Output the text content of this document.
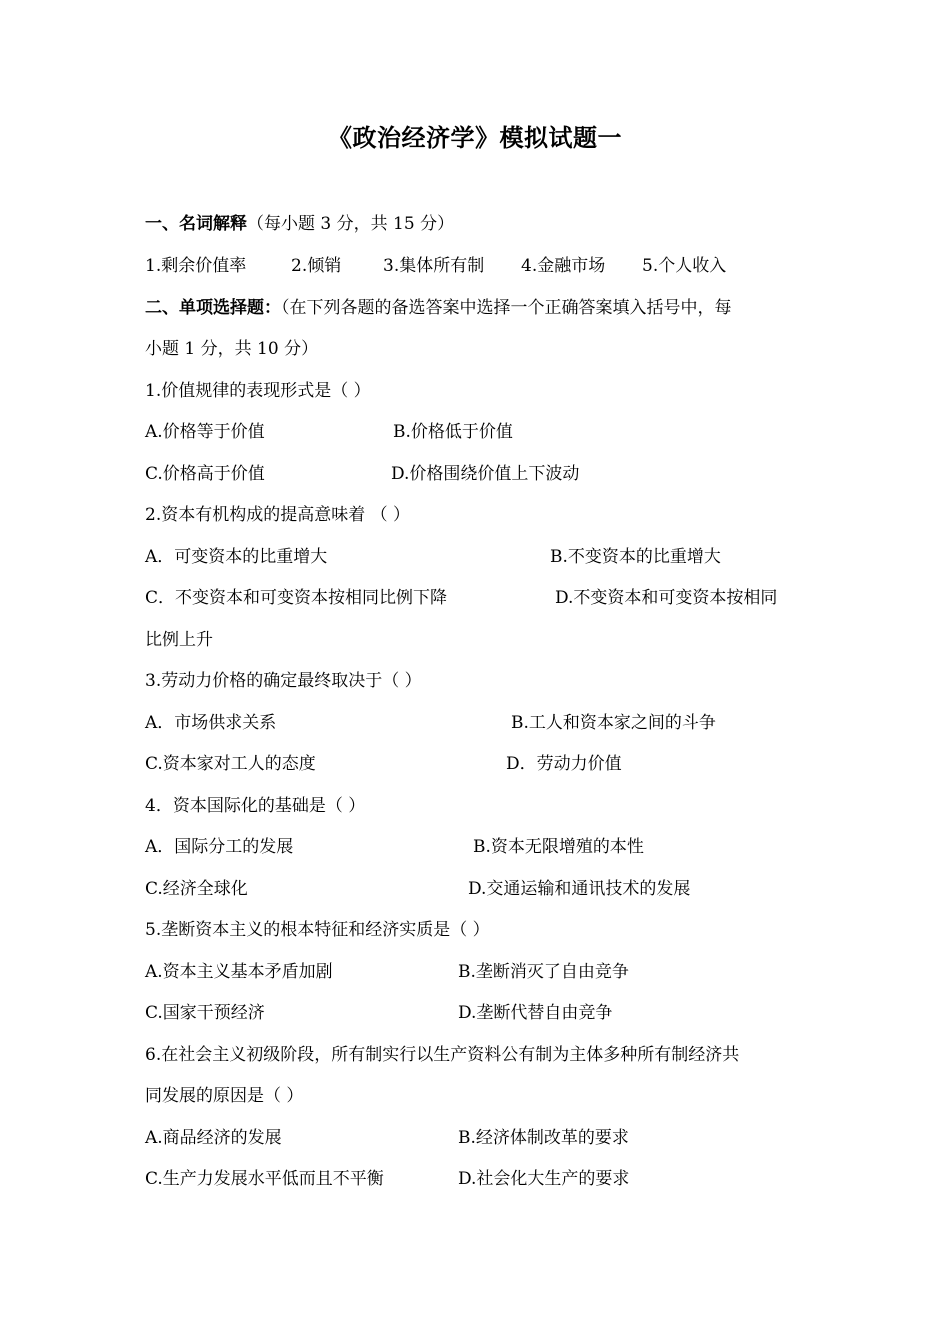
《政治经济学》模拟试题一
一、名词解释（每小题 3 分，共 15 分）
1.剩余价值率	2.倾销 3.集体所有制 4.金融市场 5.个人收入
二、单项选择题：（在下列各题的备选答案中选择一个正确答案填入括号中，每
小题 1 分，共 10 分）
1.价值规律的表现形式是（ ）
A.价格等于价值	B.价格低于价值
C.价格高于价值	D.价格围绕价值上下波动
2.资本有机构成的提高意味着 （ ）
A．可变资本的比重增大	B.不变资本的比重增大
C．不变资本和可变资本按相同比例下降	D.不变资本和可变资本按相同
比例上升
3.劳动力价格的确定最终取决于（ ）
A．市场供求关系	B.工人和资本家之间的斗争
C.资本家对工人的态度	D．劳动力价值
4．资本国际化的基础是（ ）
A．国际分工的发展	B.资本无限增殖的本性
C.经济全球化	D.交通运输和通讯技术的发展
5.垄断资本主义的根本特征和经济实质是（ ）
A.资本主义基本矛盾加剧	B.垄断消灭了自由竞争
C.国家干预经济	D.垄断代替自由竞争
6.在社会主义初级阶段，所有制实行以生产资料公有制为主体多种所有制经济共
同发展的原因是（ ）
A.商品经济的发展	B.经济体制改革的要求
C.生产力发展水平低而且不平衡	D.社会化大生产的要求
